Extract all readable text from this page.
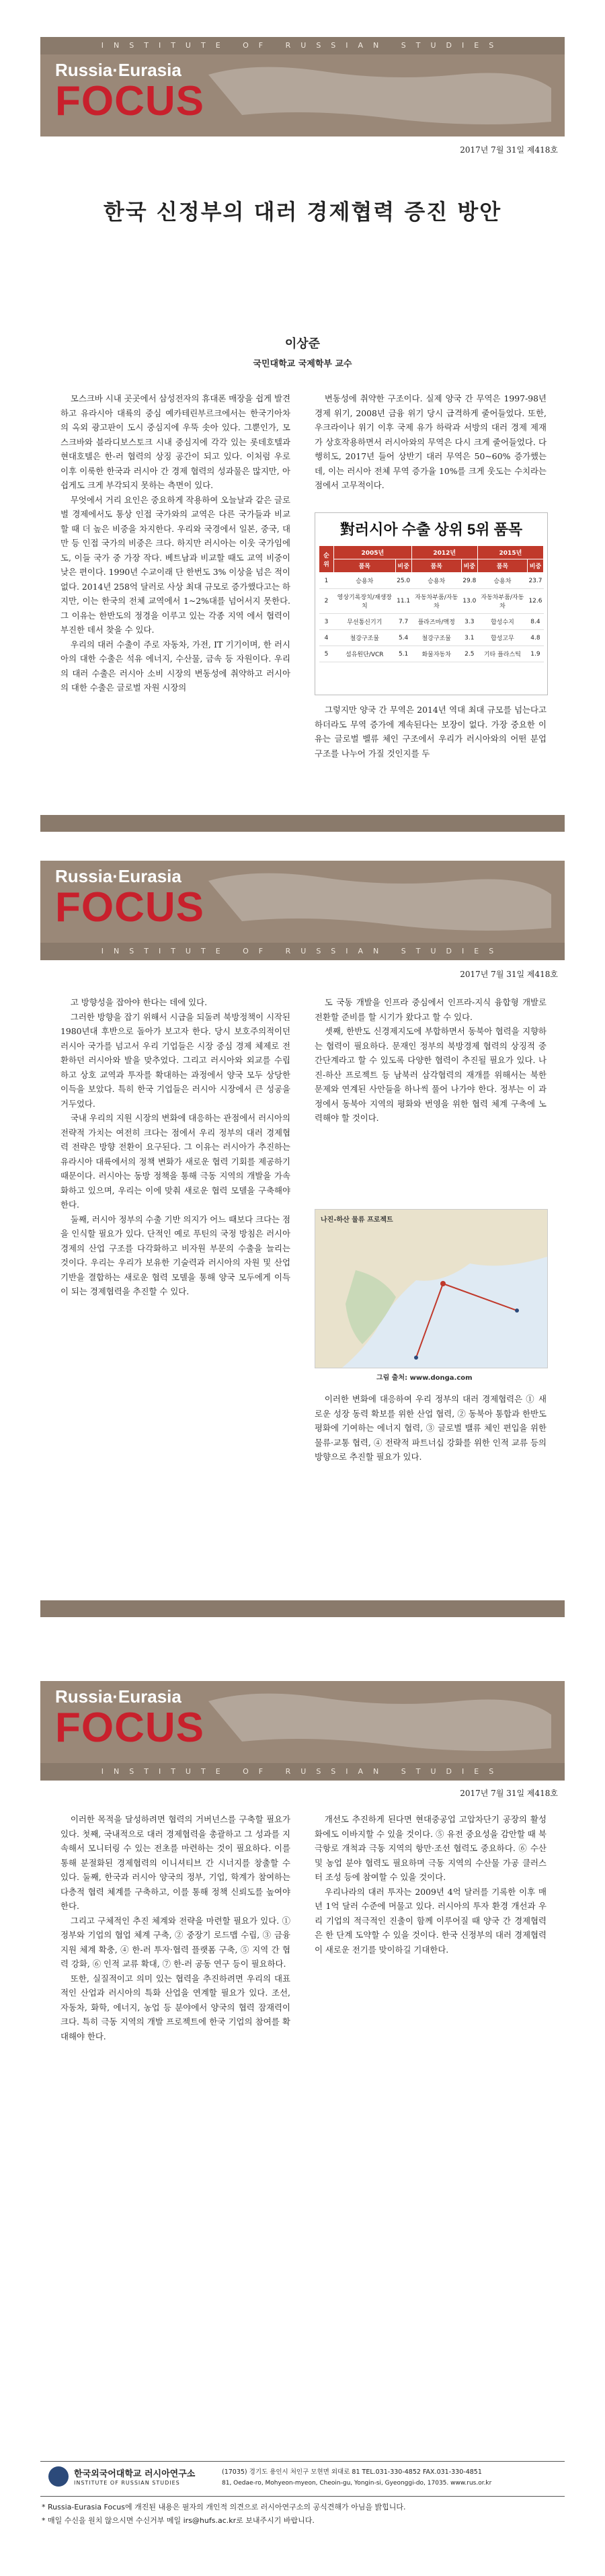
INSTITUTE OF RUSSIAN STUDIES
Russia·Eurasia
FOCUS
2017년 7월 31일 제418호
한국 신정부의 대러 경제협력 증진 방안
이상준
국민대학교 국제학부 교수

모스크바 시내 곳곳에서 삼성전자의 휴대폰 매장을 쉽게 발견하고 유라시아 대륙의 중심 예카테린부르크에서는 한국기아차의 옥외 광고판이 도시 중심지에 우뚝 솟아 있다. 그뿐인가, 모스크바와 블라디보스토크 시내 중심지에 각각 있는 롯데호텔과 현대호텔은 한-러 협력의 상징 공간이 되고 있다. 이처럼 우로 이후 이룩한 한국과 러시아 간 경제 협력의 성과물은 많지만, 아쉽게도 크게 부각되지 못하는 측면이 있다.

무엇에서 거리 요인은 중요하게 작용하여 오늘날과 같은 글로벌 경제에서도 통상 인접 국가와의 교역은 다른 국가들과 비교할 때 더 높은 비중을 차지한다. 우리와 국경에서 일본, 중국, 대만 등 인접 국가의 비중은 크다. 하지만 러시아는 이웃 국가임에도, 이들 국가 중 가장 작다. 베트남과 비교할 때도 교역 비중이 낮은 편이다. 1990년 수교이래 단 한번도 3% 이상을 넘은 적이 없다. 2014년 258억 달러로 사상 최대 규모로 증가했다고는 하지만, 이는 한국의 전체 교역에서 1~2%대를 넘어서지 못한다. 그 이유는 한반도의 정경을 이루고 있는 각종 지역 에서 협력이 부진한 데서 찾을 수 있다.

우리의 대러 수출이 주로 자동차, 가전, IT 기기이며, 한 러시아의 대한 수출은 석유 에너지, 수산물, 금속 등 자원이다. 우리의 대러 수출은 러시아 소비 시장의 변동성에 취약하고 러시아의 대한 수출은 글로벌 자원 시장의

변동성에 취약한 구조이다. 실제 양국 간 무역은 1997-98년 경제 위기, 2008년 금융 위기 당시 급격하게 줄어들었다. 또한, 우크라이나 위기 이후 국제 유가 하락과 서방의 대러 경제 제재가 상호작용하면서 러시아와의 무역은 다시 크게 줄어들었다. 다행히도, 2017년 들어 상반기 대러 무역은 50~60% 증가했는데, 이는 러시아 전체 무역 증가율 10%를 크게 웃도는 수치라는 점에서 고무적이다.

對러시아 수출 상위 5위 품목
순위	2005년		2012년		2015년	
	품목	비중	품목	비중	품목	비중
1	승용차	25.0	승용차	29.8	승용차	23.7
2	영상기록장치/재생장치	11.1	자동차부품/자동차	13.0	자동차부품/자동차	12.6
3	무선통신기기	7.7	플라즈마/액정	3.3	합성수지	8.4
4	철강구조물	5.4	철강구조물	3.1	합성고무	4.8
5	섬유원단/VCR	5.1	화물자동차	2.5	기타 플라스틱	1.9

그렇지만 양국 간 무역은 2014년 역대 최대 규모를 넘는다고 하더라도 무역 증가에 계속된다는 보장이 없다. 가장 중요한 이유는 글로벌 벨류 체인 구조에서 우리가 러시아와의 어떤 분업 구조를 나누어 가질 것인지를 두

Russia·Eurasia
FOCUS
INSTITUTE OF RUSSIAN STUDIES
2017년 7월 31일 제418호

고 방향성을 잡아야 한다는 데에 있다.

그러한 방향을 잡기 위해서 시급을 되돌려 북방정책이 시작된 1980년대 후반으로 돌아가 보고자 한다. 당시 보호주의적이던 러시아 국가를 넘고서 우리 기업들은 시장 중심 경제 체제로 전환하던 러시아와 발을 맞추었다. 그리고 러시아와 외교를 수립하고 상호 교역과 투자를 확대하는 과정에서 양국 모두 상당한 이득을 보았다. 특히 한국 기업들은 러시아 시장에서 큰 성공을 거두었다.

국내 우리의 지원 시장의 변화에 대응하는 관점에서 러시아의 전략적 가치는 여전히 크다는 점에서 우리 정부의 대러 경제협력 전략은 방향 전환이 요구된다. 그 이유는 러시아가 추진하는 유라시아 대륙에서의 정책 변화가 새로운 협력 기회를 제공하기 때문이다. 러시아는 동방 정책을 통해 극동 지역의 개발을 가속화하고 있으며, 우리는 이에 맞춰 새로운 협력 모델을 구축해야 한다.

둘째, 러시아 정부의 수출 기반 의지가 어느 때보다 크다는 점을 인식할 필요가 있다. 단적인 예로 푸틴의 국정 방침은 러시아 경제의 산업 구조를 다각화하고 비자원 부문의 수출을 늘리는 것이다. 우리는 우리가 보유한 기술력과 러시아의 자원 및 산업 기반을 결합하는 새로운 협력 모델을 통해 양국 모두에게 이득이 되는 경제협력을 추진할 수 있다.

도 국동 개발을 인프라 중심에서 인프라-지식 융합형 개발로 전환할 준비를 할 시기가 왔다고 할 수 있다.

셋째, 한반도 신경제지도에 부합하면서 동북아 협력을 지향하는 협력이 필요하다. 문재인 정부의 북방경제 협력의 상징적 중간단계라고 할 수 있도록 다양한 협력이 추진될 필요가 있다. 나진-하산 프로젝트 등 남북러 삼각협력의 재개를 위해서는 북한 문제와 연계된 사안들을 하나씩 풀어 나가야 한다. 정부는 이 과정에서 동북아 지역의 평화와 번영을 위한 협력 체계 구축에 노력해야 할 것이다.

나진-하산 물류 프로젝트
그림 출처: www.donga.com

이러한 변화에 대응하여 우리 정부의 대러 경제협력은 ① 새로운 성장 동력 확보를 위한 산업 협력, ② 동북아 통합과 한반도 평화에 기여하는 에너지 협력, ③ 글로벌 밸류 체인 편입을 위한 물류·교통 협력, ④ 전략적 파트너십 강화를 위한 인적 교류 등의 방향으로 추진할 필요가 있다.

Russia·Eurasia
FOCUS
INSTITUTE OF RUSSIAN STUDIES
2017년 7월 31일 제418호

이러한 목적을 달성하려면 협력의 거버넌스를 구축할 필요가 있다. 첫째, 국내적으로 대러 경제협력을 총괄하고 그 성과를 지속해서 모니터링 수 있는 전초를 마련하는 것이 필요하다. 이를 통해 분절화된 경제협력의 이니셔티브 간 시너지를 창출할 수 있다. 둘째, 한국과 러시아 양국의 정부, 기업, 학계가 참여하는 다층적 협력 체계를 구축하고, 이를 통해 정책 신뢰도를 높여야 한다.

그리고 구체적인 추진 체계와 전략을 마련할 필요가 있다. ① 정부와 기업의 협업 체계 구축, ② 중장기 로드맵 수립, ③ 금융 지원 체계 확충, ④ 한-러 투자·협력 플랫폼 구축, ⑤ 지역 간 협력 강화, ⑥ 인적 교류 확대, ⑦ 한-러 공동 연구 등이 필요하다.

또한, 실질적이고 의미 있는 협력을 추진하려면 우리의 대표적인 산업과 러시아의 특화 산업을 연계할 필요가 있다. 조선, 자동차, 화학, 에너지, 농업 등 분야에서 양국의 협력 잠재력이 크다. 특히 극동 지역의 개발 프로젝트에 한국 기업의 참여를 확대해야 한다.

개선도 추진하게 된다면 현대중공업 고압차단기 공장의 활성화에도 이바지할 수 있을 것이다. ⑤ 유전 중요성을 감안할 때 북극항로 개척과 극동 지역의 항만·조선 협력도 중요하다. ⑥ 수산 및 농업 분야 협력도 필요하며 극동 지역의 수산물 가공 클러스터 조성 등에 참여할 수 있을 것이다.

우리나라의 대러 투자는 2009년 4억 달러를 기록한 이후 매년 1억 달러 수준에 머물고 있다. 러시아의 투자 환경 개선과 우리 기업의 적극적인 진출이 함께 이루어질 때 양국 간 경제협력은 한 단계 도약할 수 있을 것이다. 한국 신정부의 대러 경제협력이 새로운 전기를 맞이하길 기대한다.

한국외국어대학교 러시아연구소
INSTITUTE OF RUSSIAN STUDIES
(17035) 경기도 용인시 처인구 모현면 외대로 81 TEL.031-330-4852 FAX.031-330-4851
81, Oedae-ro, Mohyeon-myeon, Cheoin-gu, Yongin-si, Gyeonggi-do, 17035. www.rus.or.kr
* Russia-Eurasia Focus에 개진된 내용은 필자의 개인적 의견으로 러시아연구소의 공식견해가 아님을 밝힙니다.
* 매일 수신을 원치 않으시면 수신거부 메일 irs@hufs.ac.kr로 보내주시기 바랍니다.
